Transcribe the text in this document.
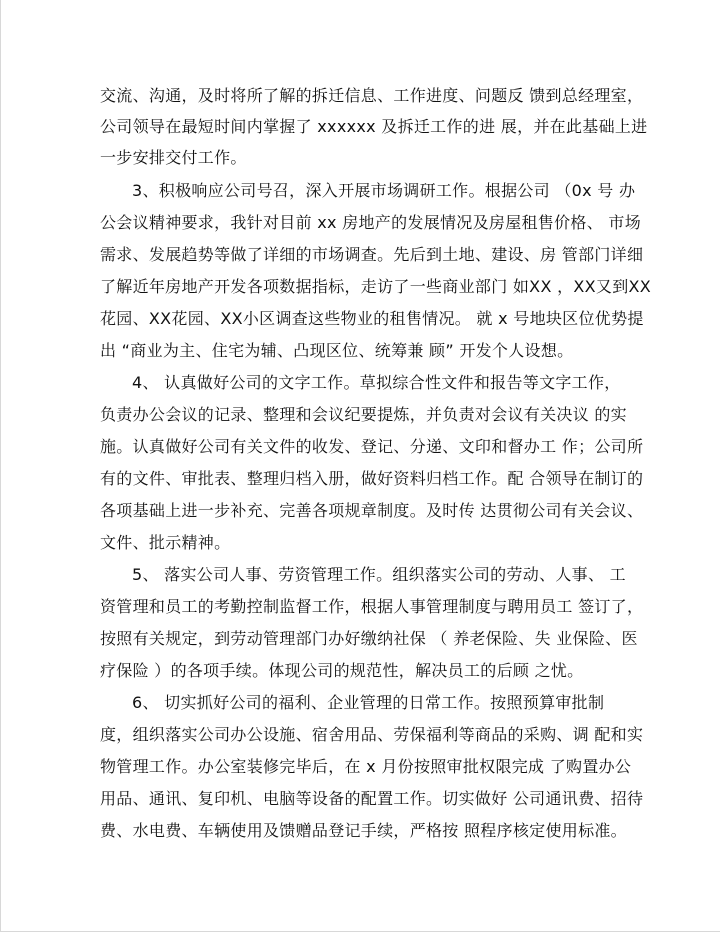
交流、沟通，及时将所了解的拆迁信息、工作进度、问题反 馈到总经理室，
公司领导在最短时间内掌握了 xxxxxx 及拆迁工作的进 展，并在此基础上进
一步安排交付工作。
3、积极响应公司号召，深入开展市场调研工作。根据公司 （0x 号 办
公会议精神要求，我针对目前 xx 房地产的发展情况及房屋租售价格、 市场
需求、发展趋势等做了详细的市场调查。先后到土地、建设、房 管部门详细
了解近年房地产开发各项数据指标，走访了一些商业部门 如XX ，XX又到XX
花园、XX花园、XX小区调查这些物业的租售情况。 就 x 号地块区位优势提
出 “商业为主、住宅为辅、凸现区位、统筹兼 顾” 开发个人设想。
4、 认真做好公司的文字工作。草拟综合性文件和报告等文字工作，
负责办公会议的记录、整理和会议纪要提炼，并负责对会议有关决议 的实
施。认真做好公司有关文件的收发、登记、分递、文印和督办工 作；公司所
有的文件、审批表、整理归档入册，做好资料归档工作。配 合领导在制订的
各项基础上进一步补充、完善各项规章制度。及时传 达贯彻公司有关会议、
文件、批示精神。
5、 落实公司人事、劳资管理工作。组织落实公司的劳动、人事、 工
资管理和员工的考勤控制监督工作，根据人事管理制度与聘用员工 签订了，
按照有关规定，到劳动管理部门办好缴纳社保 （ 养老保险、失 业保险、医
疗保险 ）的各项手续。体现公司的规范性，解决员工的后顾 之忧。
6、 切实抓好公司的福利、企业管理的日常工作。按照预算审批制
度，组织落实公司办公设施、宿舍用品、劳保福利等商品的采购、调 配和实
物管理工作。办公室装修完毕后，在 x 月份按照审批权限完成 了购置办公
用品、通讯、复印机、电脑等设备的配置工作。切实做好 公司通讯费、招待
费、水电费、车辆使用及馈赠品登记手续，严格按 照程序核定使用标准。
